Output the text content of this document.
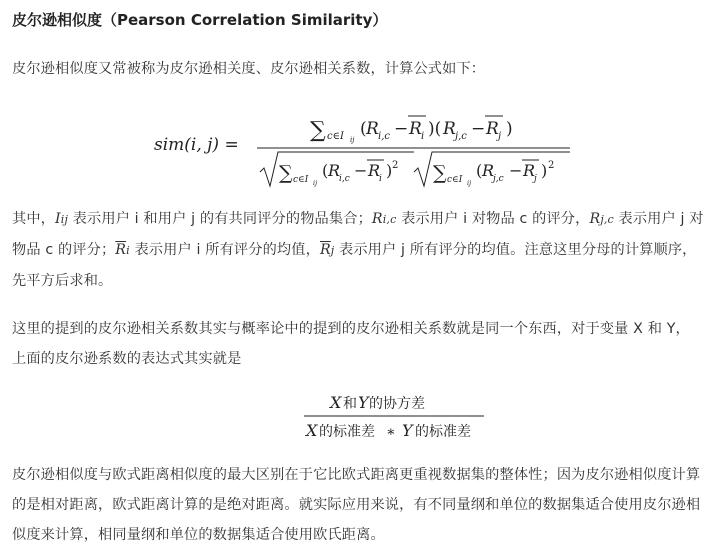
皮尔逊相似度（Pearson Correlation Similarity）

皮尔逊相似度又常被称为皮尔逊相关度、皮尔逊相关系数，计算公式如下：

sim(i, j) =
∑ c∈I ij
( R i,c − R i )( R j,c − R j )
∑ c∈I ij
( R
i,c − R
i ) 2 ∑ c∈I ij
( R
j,c − R
j ) 2

其中，Iij 表示用户 i 和用户 j 的有共同评分的物品集合；Ri,c 表示用户 i 对物品 c 的评分，Rj,c 表示用户 j 对物品 c 的评分；$\overline{R}i$ 表示用户 i 所有评分的均值，$\overline{R}j$ 表示用户 j 所有评分的均值。注意这里分母的计算顺序，先平方后求和。

这里的提到的皮尔逊相关系数其实与概率论中的提到的皮尔逊相关系数就是同一个东西，对于变量 X 和 Y，上面的皮尔逊系数的表达式其实就是

X 和 Y 的协方差
X 的标准差 ∗ Y 的标准差

皮尔逊相似度与欧式距离相似度的最大区别在于它比欧式距离更重视数据集的整体性；因为皮尔逊相似度计算的是相对距离，欧式距离计算的是绝对距离。就实际应用来说，有不同量纲和单位的数据集适合使用皮尔逊相似度来计算，相同量纲和单位的数据集适合使用欧氏距离。
